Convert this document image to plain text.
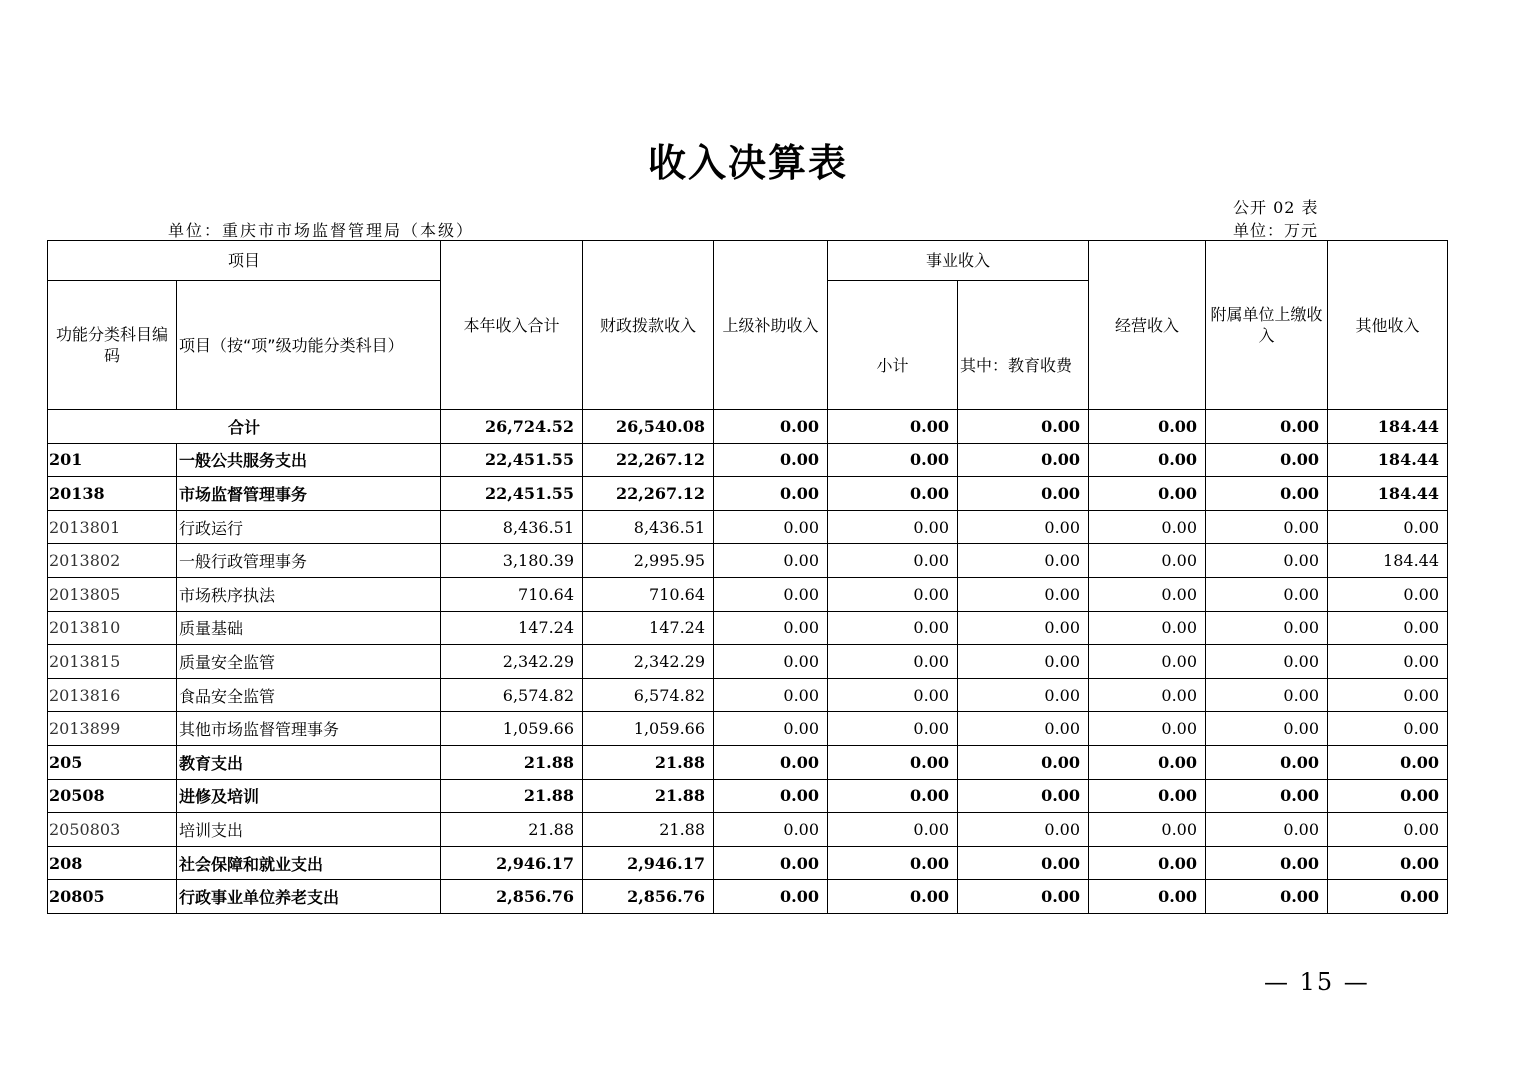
收入决算表
公开 02 表
单位：重庆市市场监督管理局（本级）	单位：万元
项目		本年收入合计	财政拨款收入	上级补助收入	事业收入		经营收入	附属单位上缴收入	其他收入
功能分类科目编码	项目（按“项”级功能分类科目）				小计	其中：教育收费			
合计		26,724.52	26,540.08	0.00	0.00	0.00	0.00	0.00	184.44
201	一般公共服务支出	22,451.55	22,267.12	0.00	0.00	0.00	0.00	0.00	184.44
20138	市场监督管理事务	22,451.55	22,267.12	0.00	0.00	0.00	0.00	0.00	184.44
2013801	行政运行	8,436.51	8,436.51	0.00	0.00	0.00	0.00	0.00	0.00
2013802	一般行政管理事务	3,180.39	2,995.95	0.00	0.00	0.00	0.00	0.00	184.44
2013805	市场秩序执法	710.64	710.64	0.00	0.00	0.00	0.00	0.00	0.00
2013810	质量基础	147.24	147.24	0.00	0.00	0.00	0.00	0.00	0.00
2013815	质量安全监管	2,342.29	2,342.29	0.00	0.00	0.00	0.00	0.00	0.00
2013816	食品安全监管	6,574.82	6,574.82	0.00	0.00	0.00	0.00	0.00	0.00
2013899	其他市场监督管理事务	1,059.66	1,059.66	0.00	0.00	0.00	0.00	0.00	0.00
205	教育支出	21.88	21.88	0.00	0.00	0.00	0.00	0.00	0.00
20508	进修及培训	21.88	21.88	0.00	0.00	0.00	0.00	0.00	0.00
2050803	培训支出	21.88	21.88	0.00	0.00	0.00	0.00	0.00	0.00
208	社会保障和就业支出	2,946.17	2,946.17	0.00	0.00	0.00	0.00	0.00	0.00
20805	行政事业单位养老支出	2,856.76	2,856.76	0.00	0.00	0.00	0.00	0.00	0.00
— 15 —
